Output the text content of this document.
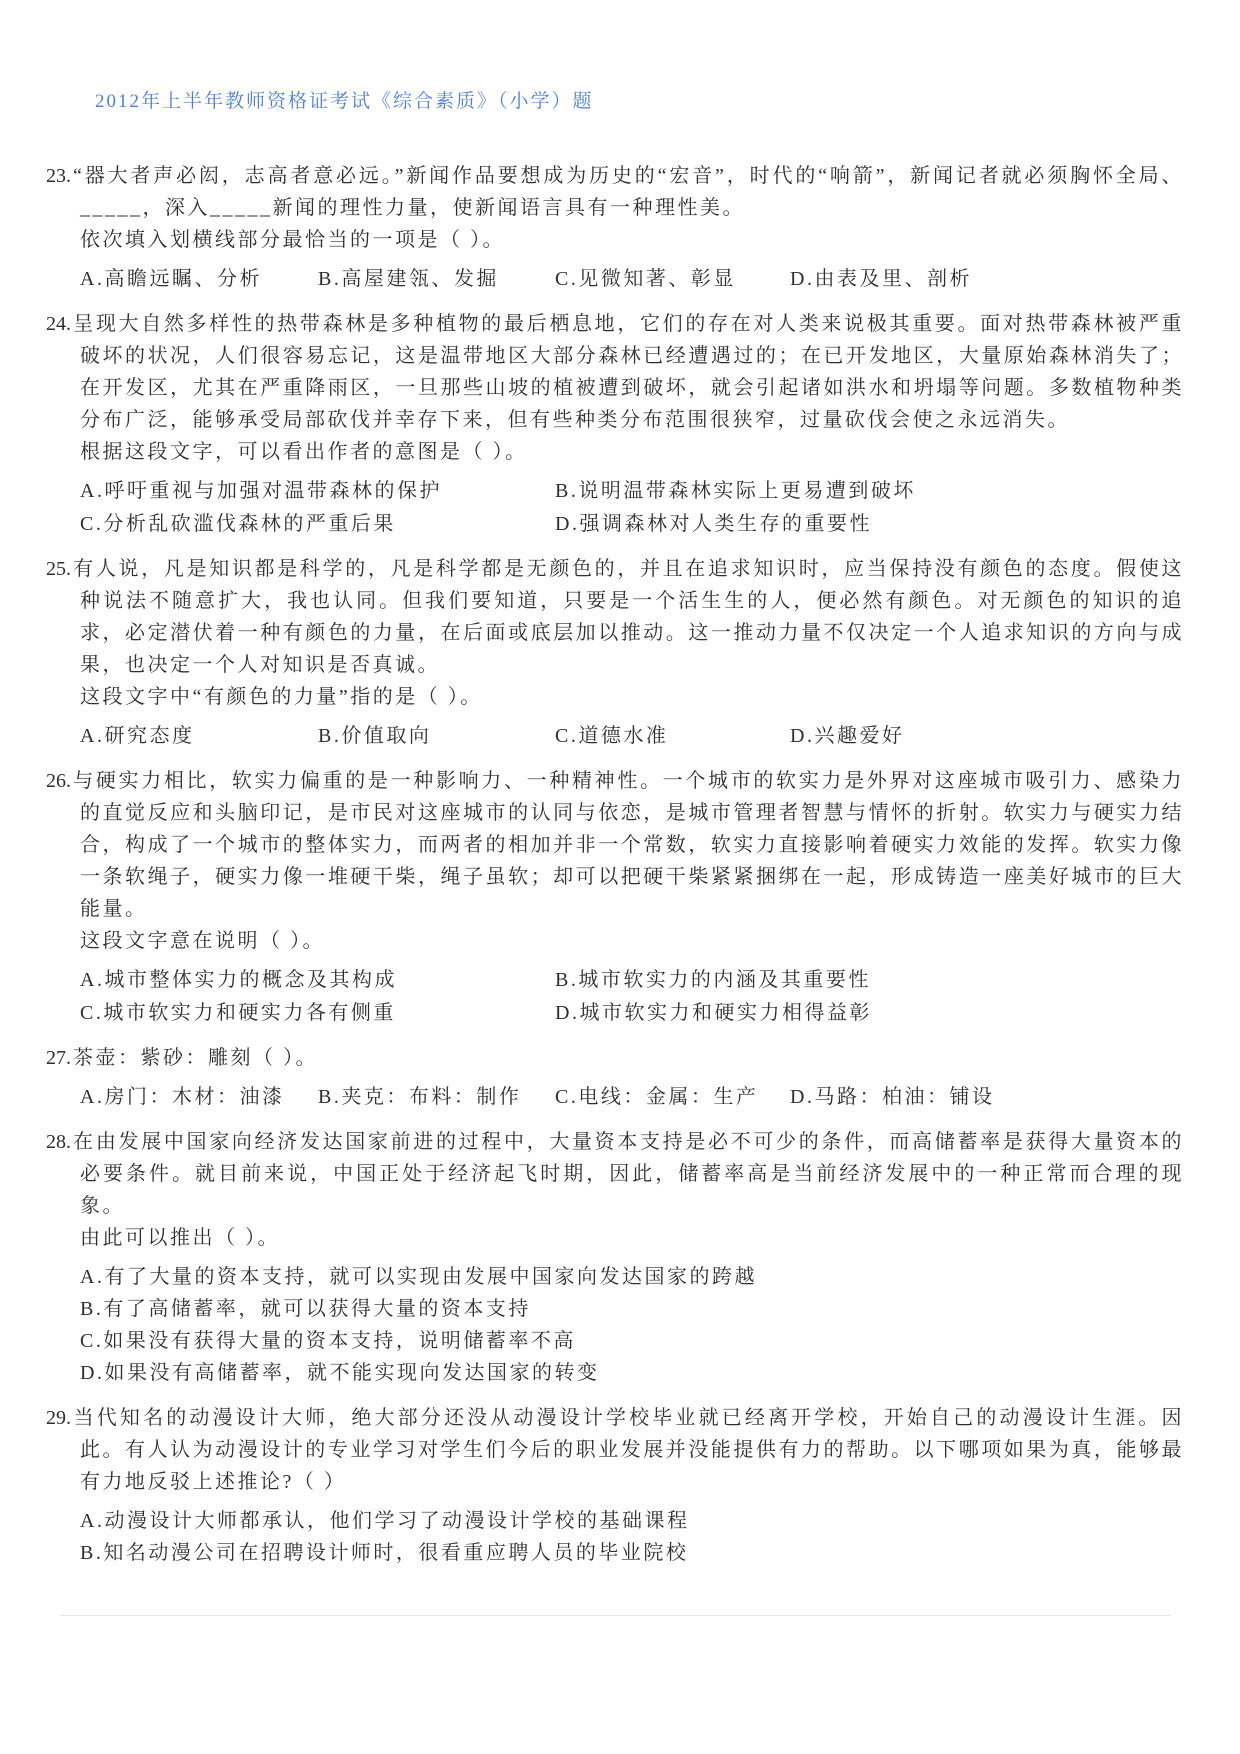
2012年上半年教师资格证考试《综合素质》（小学）题

23. “器大者声必闳，志高者意必远。”新闻作品要想成为历史的“宏音”，时代的“响箭”，新闻记者就必须胸怀全局、_____，深入_____新闻的理性力量，使新闻语言具有一种理性美。

依次填入划横线部分最恰当的一项是（ ）。

A.高瞻远瞩、分析	B.高屋建瓴、发掘	C.见微知著、彰显	D.由表及里、剖析

24. 呈现大自然多样性的热带森林是多种植物的最后栖息地，它们的存在对人类来说极其重要。面对热带森林被严重破坏的状况，人们很容易忘记，这是温带地区大部分森林已经遭遇过的；在已开发地区，大量原始森林消失了；在开发区，尤其在严重降雨区，一旦那些山坡的植被遭到破坏，就会引起诸如洪水和坍塌等问题。多数植物种类分布广泛，能够承受局部砍伐并幸存下来，但有些种类分布范围很狭窄，过量砍伐会使之永远消失。

根据这段文字，可以看出作者的意图是（ ）。

A.呼吁重视与加强对温带森林的保护	B.说明温带森林实际上更易遭到破坏
C.分析乱砍滥伐森林的严重后果	D.强调森林对人类生存的重要性

25. 有人说，凡是知识都是科学的，凡是科学都是无颜色的，并且在追求知识时，应当保持没有颜色的态度。假使这种说法不随意扩大，我也认同。但我们要知道，只要是一个活生生的人，便必然有颜色。对无颜色的知识的追求，必定潜伏着一种有颜色的力量，在后面或底层加以推动。这一推动力量不仅决定一个人追求知识的方向与成果，也决定一个人对知识是否真诚。

这段文字中“有颜色的力量”指的是（ ）。

A.研究态度	B.价值取向	C.道德水准	D.兴趣爱好

26. 与硬实力相比，软实力偏重的是一种影响力、一种精神性。一个城市的软实力是外界对这座城市吸引力、感染力的直觉反应和头脑印记，是市民对这座城市的认同与依恋，是城市管理者智慧与情怀的折射。软实力与硬实力结合，构成了一个城市的整体实力，而两者的相加并非一个常数，软实力直接影响着硬实力效能的发挥。软实力像一条软绳子，硬实力像一堆硬干柴，绳子虽软；却可以把硬干柴紧紧捆绑在一起，形成铸造一座美好城市的巨大能量。

这段文字意在说明（ ）。

A.城市整体实力的概念及其构成	B.城市软实力的内涵及其重要性
C.城市软实力和硬实力各有侧重	D.城市软实力和硬实力相得益彰

27. 茶壶：紫砂：雕刻（ ）。

A.房门：木材：油漆	B.夹克：布料：制作	C.电线：金属：生产	D.马路：柏油：铺设

28. 在由发展中国家向经济发达国家前进的过程中，大量资本支持是必不可少的条件，而高储蓄率是获得大量资本的必要条件。就目前来说，中国正处于经济起飞时期，因此，储蓄率高是当前经济发展中的一种正常而合理的现象。

由此可以推出（ ）。

A.有了大量的资本支持，就可以实现由发展中国家向发达国家的跨越
B.有了高储蓄率，就可以获得大量的资本支持
C.如果没有获得大量的资本支持，说明储蓄率不高
D.如果没有高储蓄率，就不能实现向发达国家的转变

29. 当代知名的动漫设计大师，绝大部分还没从动漫设计学校毕业就已经离开学校，开始自己的动漫设计生涯。因此。有人认为动漫设计的专业学习对学生们今后的职业发展并没能提供有力的帮助。以下哪项如果为真，能够最有力地反驳上述推论?（ ）

A.动漫设计大师都承认，他们学习了动漫设计学校的基础课程
B.知名动漫公司在招聘设计师时，很看重应聘人员的毕业院校
